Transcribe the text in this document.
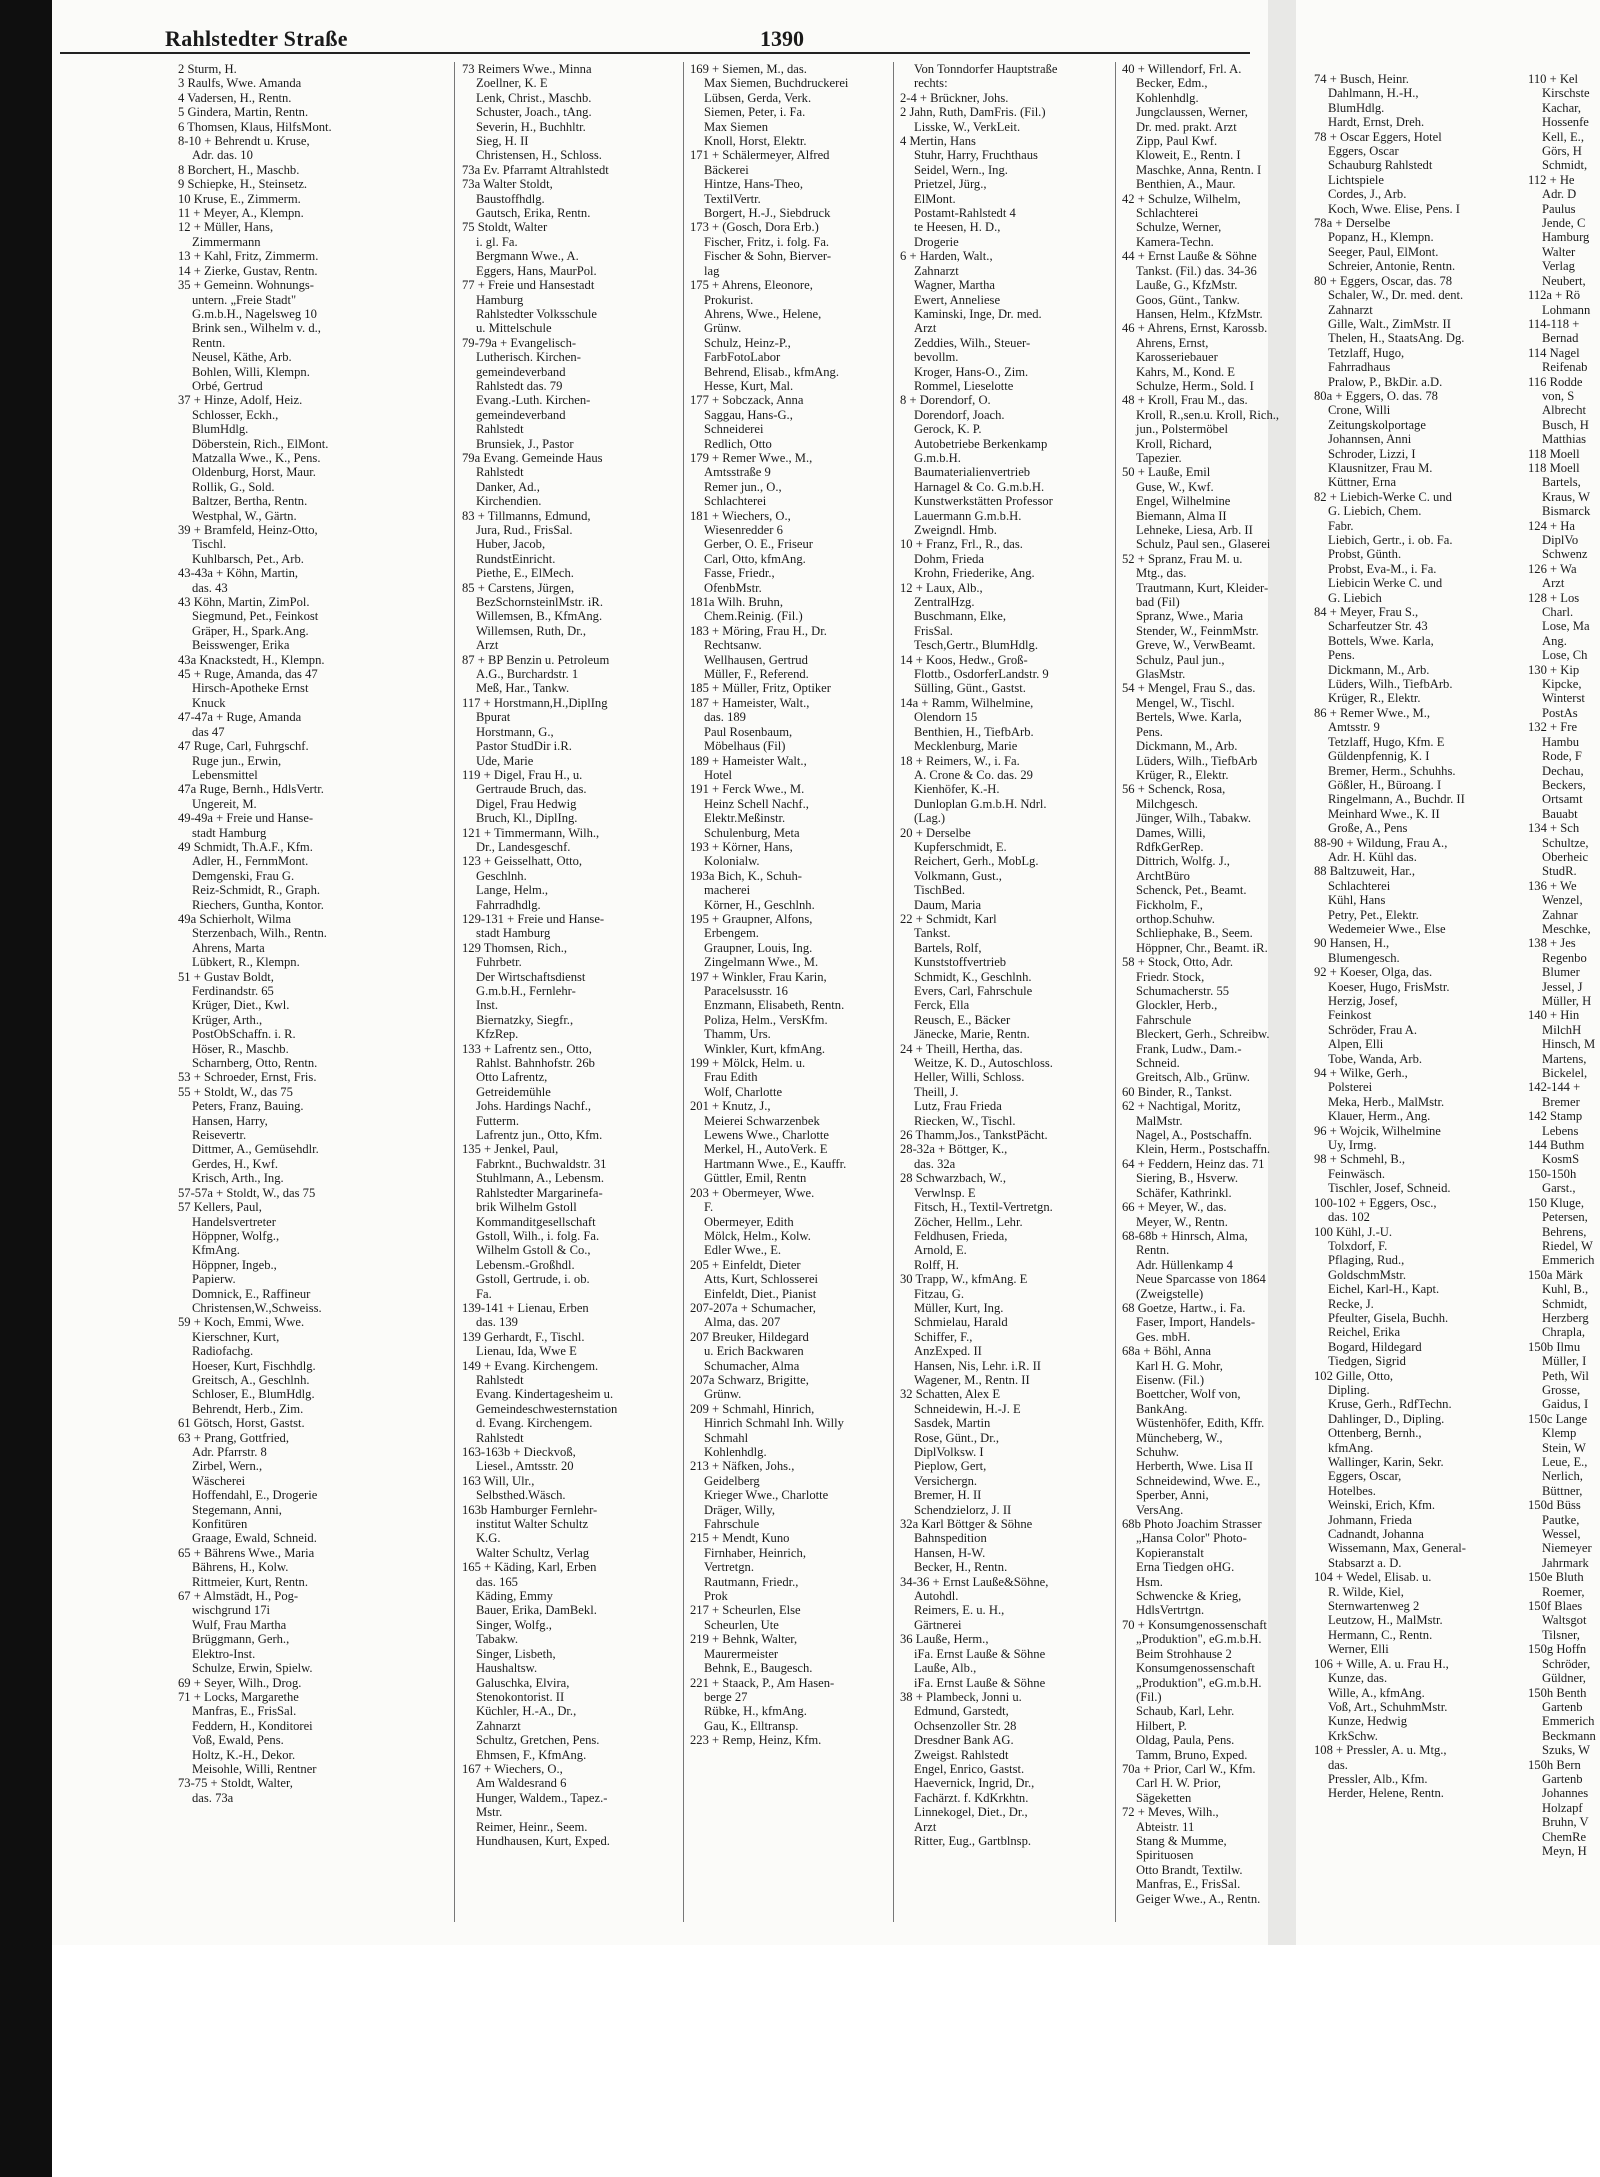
Rahlstedter Straße	1390
2 Sturm, H.
3 Raulfs, Wwe. Amanda
4 Vadersen, H., Rentn.
5 Gindera, Martin, Rentn.
6 Thomsen, Klaus, HilfsMont.
8-10 + Behrendt u. Kruse,
Adr. das. 10
8 Borchert, H., Maschb.
9 Schiepke, H., Steinsetz.
10 Kruse, E., Zimmerm.
11 + Meyer, A., Klempn.
12 + Müller, Hans,
Zimmermann
13 + Kahl, Fritz, Zimmerm.
14 + Zierke, Gustav, Rentn.
35 + Gemeinn. Wohnungs-
untern. „Freie Stadt"
G.m.b.H., Nagelsweg 10
Brink sen., Wilhelm v. d.,
Rentn.
Neusel, Käthe, Arb.
Bohlen, Willi, Klempn.
Orbé, Gertrud
37 + Hinze, Adolf, Heiz.
Schlosser, Eckh.,
BlumHdlg.
Döberstein, Rich., ElMont.
Matzalla Wwe., K., Pens.
Oldenburg, Horst, Maur.
Rollik, G., Sold.
Baltzer, Bertha, Rentn.
Westphal, W., Gärtn.
39 + Bramfeld, Heinz-Otto,
Tischl.
Kuhlbarsch, Pet., Arb.
43-43a + Köhn, Martin,
das. 43
43 Köhn, Martin, ZimPol.
Siegmund, Pet., Feinkost
Gräper, H., Spark.Ang.
Beisswenger, Erika
43a Knackstedt, H., Klempn.
45 + Ruge, Amanda, das 47
Hirsch-Apotheke Ernst
Knuck
47-47a + Ruge, Amanda
das 47
47 Ruge, Carl, Fuhrgschf.
Ruge jun., Erwin,
Lebensmittel
47a Ruge, Bernh., HdlsVertr.
Ungereit, M.
49-49a + Freie und Hanse-
stadt Hamburg
49 Schmidt, Th.A.F., Kfm.
Adler, H., FernmMont.
Demgenski, Frau G.
Reiz-Schmidt, R., Graph.
Riechers, Guntha, Kontor.
49a Schierholt, Wilma
Sterzenbach, Wilh., Rentn.
Ahrens, Marta
Lübkert, R., Klempn.
51 + Gustav Boldt,
Ferdinandstr. 65
Krüger, Diet., Kwl.
Krüger, Arth.,
PostObSchaffn. i. R.
Höser, R., Maschb.
Scharnberg, Otto, Rentn.
53 + Schroeder, Ernst, Fris.
55 + Stoldt, W., das 75
Peters, Franz, Bauing.
Hansen, Harry,
Reisevertr.
Dittmer, A., Gemüsehdlr.
Gerdes, H., Kwf.
Krisch, Arth., Ing.
57-57a + Stoldt, W., das 75
57 Kellers, Paul,
Handelsvertreter
Höppner, Wolfg.,
KfmAng.
Höppner, Ingeb.,
Papierw.
Domnick, E., Raffineur
Christensen,W.,Schweiss.
59 + Koch, Emmi, Wwe.
Kierschner, Kurt,
Radiofachg.
Hoeser, Kurt, Fischhdlg.
Greitsch, A., Geschlnh.
Schloser, E., BlumHdlg.
Behrendt, Herb., Zim.
61 Götsch, Horst, Gastst.
63 + Prang, Gottfried,
Adr. Pfarrstr. 8
Zirbel, Wern.,
Wäscherei
Hoffendahl, E., Drogerie
Stegemann, Anni,
Konfitüren
Graage, Ewald, Schneid.
65 + Bährens Wwe., Maria
Bährens, H., Kolw.
Rittmeier, Kurt, Rentn.
67 + Almstädt, H., Pog-
wischgrund 17i
Wulf, Frau Martha
Brüggmann, Gerh.,
Elektro-Inst.
Schulze, Erwin, Spielw.
69 + Seyer, Wilh., Drog.
71 + Locks, Margarethe
Manfras, E., FrisSal.
Feddern, H., Konditorei
Voß, Ewald, Pens.
Holtz, K.-H., Dekor.
Meisohle, Willi, Rentner
73-75 + Stoldt, Walter,
das. 73a
73 Reimers Wwe., Minna
Zoellner, K. E
Lenk, Christ., Maschb.
Schuster, Joach., tAng.
Severin, H., Buchhltr.
Sieg, H. II
Christensen, H., Schloss.
73a Ev. Pfarramt Altrahlstedt
73a Walter Stoldt,
Baustoffhdlg.
Gautsch, Erika, Rentn.
75 Stoldt, Walter
i. gl. Fa.
Bergmann Wwe., A.
Eggers, Hans, MaurPol.
77 + Freie und Hansestadt
Hamburg
Rahlstedter Volksschule
u. Mittelschule
79-79a + Evangelisch-
Lutherisch. Kirchen-
gemeindeverband
Rahlstedt das. 79
Evang.-Luth. Kirchen-
gemeindeverband
Rahlstedt
Brunsiek, J., Pastor
79a Evang. Gemeinde Haus
Rahlstedt
Danker, Ad.,
Kirchendien.
83 + Tillmanns, Edmund,
Jura, Rud., FrisSal.
Huber, Jacob,
RundstEinricht.
Piethe, E., ElMech.
85 + Carstens, Jürgen,
BezSchornsteinlMstr. iR.
Willemsen, B., KfmAng.
Willemsen, Ruth, Dr.,
Arzt
87 + BP Benzin u. Petroleum
A.G., Burchardstr. 1
Meß, Har., Tankw.
117 + Horstmann,H.,DiplIng
Bpurat
Horstmann, G.,
Pastor StudDir i.R.
Ude, Marie
119 + Digel, Frau H., u.
Gertraude Bruch, das.
Digel, Frau Hedwig
Bruch, Kl., DiplIng.
121 + Timmermann, Wilh.,
Dr., Landesgeschf.
123 + Geisselhatt, Otto,
Geschlnh.
Lange, Helm.,
Fahrradhdlg.
129-131 + Freie und Hanse-
stadt Hamburg
129 Thomsen, Rich.,
Fuhrbetr.
Der Wirtschaftsdienst
G.m.b.H., Fernlehr-
Inst.
Biernatzky, Siegfr.,
KfzRep.
133 + Lafrentz sen., Otto,
Rahlst. Bahnhofstr. 26b
Otto Lafrentz,
Getreidemühle
Johs. Hardings Nachf.,
Futterm.
Lafrentz jun., Otto, Kfm.
135 + Jenkel, Paul,
Fabrknt., Buchwaldstr. 31
Stuhlmann, A., Lebensm.
Rahlstedter Margarinefa-
brik Wilhelm Gstoll
Kommanditgesellschaft
Gstoll, Wilh., i. folg. Fa.
Wilhelm Gstoll & Co.,
Lebensm.-Großhdl.
Gstoll, Gertrude, i. ob.
Fa.
139-141 + Lienau, Erben
das. 139
139 Gerhardt, F., Tischl.
Lienau, Ida, Wwe E
149 + Evang. Kirchengem.
Rahlstedt
Evang. Kindertagesheim u.
Gemeindeschwesternstation
d. Evang. Kirchengem.
Rahlstedt
163-163b + Dieckvoß,
Liesel., Amtsstr. 20
163 Will, Ulr.,
Selbsthed.Wäsch.
163b Hamburger Fernlehr-
institut Walter Schultz
K.G.
Walter Schultz, Verlag
165 + Käding, Karl, Erben
das. 165
Käding, Emmy
Bauer, Erika, DamBekl.
Singer, Wolfg.,
Tabakw.
Singer, Lisbeth,
Haushaltsw.
Galuschka, Elvira,
Stenokontorist. II
Küchler, H.-A., Dr.,
Zahnarzt
Schultz, Gretchen, Pens.
Ehmsen, F., KfmAng.
167 + Wiechers, O.,
Am Waldesrand 6
Hunger, Waldem., Tapez.-
Mstr.
Reimer, Heinr., Seem.
Hundhausen, Kurt, Exped.
169 + Siemen, M., das.
Max Siemen, Buchdruckerei
Lübsen, Gerda, Verk.
Siemen, Peter, i. Fa.
Max Siemen
Knoll, Horst, Elektr.
171 + Schälermeyer, Alfred
Bäckerei
Hintze, Hans-Theo,
TextilVertr.
Borgert, H.-J., Siebdruck
173 + (Gosch, Dora Erb.)
Fischer, Fritz, i. folg. Fa.
Fischer & Sohn, Bierver-
lag
175 + Ahrens, Eleonore,
Prokurist.
Ahrens, Wwe., Helene,
Grünw.
Schulz, Heinz-P.,
FarbFotoLabor
Behrend, Elisab., kfmAng.
Hesse, Kurt, Mal.
177 + Sobczack, Anna
Saggau, Hans-G.,
Schneiderei
Redlich, Otto
179 + Remer Wwe., M.,
Amtsstraße 9
Remer jun., O.,
Schlachterei
181 + Wiechers, O.,
Wiesenredder 6
Gerber, O. E., Friseur
Carl, Otto, kfmAng.
Fasse, Friedr.,
OfenbMstr.
181a Wilh. Bruhn,
Chem.Reinig. (Fil.)
183 + Möring, Frau H., Dr.
Rechtsanw.
Wellhausen, Gertrud
Müller, F., Referend.
185 + Müller, Fritz, Optiker
187 + Hameister, Walt.,
das. 189
Paul Rosenbaum,
Möbelhaus (Fil)
189 + Hameister Walt.,
Hotel
191 + Ferck Wwe., M.
Heinz Schell Nachf.,
Elektr.Meßinstr.
Schulenburg, Meta
193 + Körner, Hans,
Kolonialw.
193a Bich, K., Schuh-
macherei
Körner, H., Geschlnh.
195 + Graupner, Alfons,
Erbengem.
Graupner, Louis, Ing.
Zingelmann Wwe., M.
197 + Winkler, Frau Karin,
Paracelsusstr. 16
Enzmann, Elisabeth, Rentn.
Poliza, Helm., VersKfm.
Thamm, Urs.
Winkler, Kurt, kfmAng.
199 + Mölck, Helm. u.
Frau Edith
Wolf, Charlotte
201 + Knutz, J.,
Meierei Schwarzenbek
Lewens Wwe., Charlotte
Merkel, H., AutoVerk. E
Hartmann Wwe., E., Kauffr.
Güttler, Emil, Rentn
203 + Obermeyer, Wwe.
F.
Obermeyer, Edith
Mölck, Helm., Kolw.
Edler Wwe., E.
205 + Einfeldt, Dieter
Atts, Kurt, Schlosserei
Einfeldt, Diet., Pianist
207-207a + Schumacher,
Alma, das. 207
207 Breuker, Hildegard
u. Erich Backwaren
Schumacher, Alma
207a Schwarz, Brigitte,
Grünw.
209 + Schmahl, Hinrich,
Hinrich Schmahl Inh. Willy
Schmahl
Kohlenhdlg.
213 + Näfken, Johs.,
Geidelberg
Krieger Wwe., Charlotte
Dräger, Willy,
Fahrschule
215 + Mendt, Kuno
Firnhaber, Heinrich,
Vertretgn.
Rautmann, Friedr.,
Prok
217 + Scheurlen, Else
Scheurlen, Ute
219 + Behnk, Walter,
Maurermeister
Behnk, E., Baugesch.
221 + Staack, P., Am Hasen-
berge 27
Rübke, H., kfmAng.
Gau, K., Elltransp.
223 + Remp, Heinz, Kfm.
Von Tonndorfer Hauptstraße
rechts:
2-4 + Brückner, Johs.
2 Jahn, Ruth, DamFris. (Fil.)
Lisske, W., VerkLeit.
4 Mertin, Hans
Stuhr, Harry, Fruchthaus
Seidel, Wern., Ing.
Prietzel, Jürg.,
ElMont.
Postamt-Rahlstedt 4
te Heesen, H. D.,
Drogerie
6 + Harden, Walt.,
Zahnarzt
Wagner, Martha
Ewert, Anneliese
Kaminski, Inge, Dr. med.
Arzt
Zeddies, Wilh., Steuer-
bevollm.
Kroger, Hans-O., Zim.
Rommel, Lieselotte
8 + Dorendorf, O.
Dorendorf, Joach.
Gerock, K. P.
Autobetriebe Berkenkamp
G.m.b.H.
Baumaterialienvertrieb
Harnagel & Co. G.m.b.H.
Kunstwerkstätten Professor
Lauermann G.m.b.H.
Zweigndl. Hmb.
10 + Franz, Frl., R., das.
Dohm, Frieda
Krohn, Friederike, Ang.
12 + Laux, Alb.,
ZentralHzg.
Buschmann, Elke,
FrisSal.
Tesch,Gertr., BlumHdlg.
14 + Koos, Hedw., Groß-
Flottb., OsdorferLandstr. 9
Sülling, Günt., Gastst.
14a + Ramm, Wilhelmine,
Olendorn 15
Benthien, H., TiefbArb.
Mecklenburg, Marie
18 + Reimers, W., i. Fa.
A. Crone & Co. das. 29
Kienhöfer, K.-H.
Dunloplan G.m.b.H. Ndrl.
(Lag.)
20 + Derselbe
Kupferschmidt, E.
Reichert, Gerh., MobLg.
Volkmann, Gust.,
TischBed.
Daum, Maria
22 + Schmidt, Karl
Tankst.
Bartels, Rolf,
Kunststoffvertrieb
Schmidt, K., Geschlnh.
Evers, Carl, Fahrschule
Ferck, Ella
Reusch, E., Bäcker
Jänecke, Marie, Rentn.
24 + Theill, Hertha, das.
Weitze, K. D., Autoschloss.
Heller, Willi, Schloss.
Theill, J.
Lutz, Frau Frieda
Riecken, W., Tischl.
26 Thamm,Jos., TankstPächt.
28-32a + Böttger, K.,
das. 32a
28 Schwarzbach, W.,
Verwlnsp. E
Fitsch, H., Textil-Vertretgn.
Zöcher, Hellm., Lehr.
Feldhusen, Frieda,
Arnold, E.
Rolff, H.
30 Trapp, W., kfmAng. E
Fitzau, G.
Müller, Kurt, Ing.
Schmielau, Harald
Schiffer, F.,
AnzExped. II
Hansen, Nis, Lehr. i.R. II
Wagener, M., Rentn. II
32 Schatten, Alex E
Schneidewin, H.-J. E
Sasdek, Martin
Rose, Günt., Dr.,
DiplVolksw. I
Pieplow, Gert,
Versichergn.
Bremer, H. II
Schendzielorz, J. II
32a Karl Böttger & Söhne
Bahnspedition
Hansen, H-W.
Becker, H., Rentn.
34-36 + Ernst Lauße&Söhne,
Autohdl.
Reimers, E. u. H.,
Gärtnerei
36 Lauße, Herm.,
iFa. Ernst Lauße & Söhne
Lauße, Alb.,
iFa. Ernst Lauße & Söhne
38 + Plambeck, Jonni u.
Edmund, Garstedt,
Ochsenzoller Str. 28
Dresdner Bank AG.
Zweigst. Rahlstedt
Engel, Enrico, Gastst.
Haevernick, Ingrid, Dr.,
Fachärzt. f. KdKrkhtn.
Linnekogel, Diet., Dr.,
Arzt
Ritter, Eug., Gartblnsp.
40 + Willendorf, Frl. A.
Becker, Edm.,
Kohlenhdlg.
Jungclaussen, Werner,
Dr. med. prakt. Arzt
Zipp, Paul Kwf.
Kloweit, E., Rentn. I
Maschke, Anna, Rentn. I
Benthien, A., Maur.
42 + Schulze, Wilhelm,
Schlachterei
Schulze, Werner,
Kamera-Techn.
44 + Ernst Lauße & Söhne
Tankst. (Fil.) das. 34-36
Lauße, G., KfzMstr.
Goos, Günt., Tankw.
Hansen, Helm., KfzMstr.
46 + Ahrens, Ernst, Karossb.
Ahrens, Ernst,
Karosseriebauer
Kahrs, M., Kond. E
Schulze, Herm., Sold. I
48 + Kroll, Frau M., das.
Kroll, R.,sen.u. Kroll, Rich.,
jun., Polstermöbel
Kroll, Richard,
Tapezier.
50 + Lauße, Emil
Guse, W., Kwf.
Engel, Wilhelmine
Biemann, Alma II
Lehneke, Liesa, Arb. II
Schulz, Paul sen., Glaserei
52 + Spranz, Frau M. u.
Mtg., das.
Trautmann, Kurt, Kleider-
bad (Fil)
Spranz, Wwe., Maria
Stender, W., FeinmMstr.
Greve, W., VerwBeamt.
Schulz, Paul jun.,
GlasMstr.
54 + Mengel, Frau S., das.
Mengel, W., Tischl.
Bertels, Wwe. Karla,
Pens.
Dickmann, M., Arb.
Lüders, Wilh., TiefbArb
Krüger, R., Elektr.
56 + Schenck, Rosa,
Milchgesch.
Jünger, Wilh., Tabakw.
Dames, Willi,
RdfkGerRep.
Dittrich, Wolfg. J.,
ArchtBüro
Schenck, Pet., Beamt.
Fickholm, F.,
orthop.Schuhw.
Schliephake, B., Seem.
Höppner, Chr., Beamt. iR.
58 + Stock, Otto, Adr.
Friedr. Stock,
Schumacherstr. 55
Glockler, Herb.,
Fahrschule
Bleckert, Gerh., Schreibw.
Frank, Ludw., Dam.-
Schneid.
Greitsch, Alb., Grünw.
60 Binder, R., Tankst.
62 + Nachtigal, Moritz,
MalMstr.
Nagel, A., Postschaffn.
Klein, Herm., Postschaffn.
64 + Feddern, Heinz das. 71
Siering, B., Hsverw.
Schäfer, Kathrinkl.
66 + Meyer, W., das.
Meyer, W., Rentn.
68-68b + Hinrsch, Alma,
Rentn.
Adr. Hüllenkamp 4
Neue Sparcasse von 1864
(Zweigstelle)
68 Goetze, Hartw., i. Fa.
Faser, Import, Handels-
Ges. mbH.
68a + Böhl, Anna
Karl H. G. Mohr,
Eisenw. (Fil.)
Boettcher, Wolf von,
BankAng.
Wüstenhöfer, Edith, Kffr.
Müncheberg, W.,
Schuhw.
Herberth, Wwe. Lisa II
Schneidewind, Wwe. E.,
Sperber, Anni,
VersAng.
68b Photo Joachim Strasser
„Hansa Color" Photo-
Kopieranstalt
Erna Tiedgen oHG.
Hsm.
Schwencke & Krieg,
HdlsVertrtgn.
70 + Konsumgenossenschaft
„Produktion", eG.m.b.H.
Beim Strohhause 2
Konsumgenossenschaft
„Produktion", eG.m.b.H.
(Fil.)
Schaub, Karl, Lehr.
Hilbert, P.
Oldag, Paula, Pens.
Tamm, Bruno, Exped.
70a + Prior, Carl W., Kfm.
Carl H. W. Prior,
Sägeketten
72 + Meves, Wilh.,
Abteistr. 11
Stang & Mumme,
Spirituosen
Otto Brandt, Textilw.
Manfras, E., FrisSal.
Geiger Wwe., A., Rentn.
74 + Busch, Heinr.
Dahlmann, H.-H.,
BlumHdlg.
Hardt, Ernst, Dreh.
78 + Oscar Eggers, Hotel
Eggers, Oscar
Schauburg Rahlstedt
Lichtspiele
Cordes, J., Arb.
Koch, Wwe. Elise, Pens. I
78a + Derselbe
Popanz, H., Klempn.
Seeger, Paul, ElMont.
Schreier, Antonie, Rentn.
80 + Eggers, Oscar, das. 78
Schaler, W., Dr. med. dent.
Zahnarzt
Gille, Walt., ZimMstr. II
Thelen, H., StaatsAng. Dg.
Tetzlaff, Hugo,
Fahrradhaus
Pralow, P., BkDir. a.D.
80a + Eggers, O. das. 78
Crone, Willi
Zeitungskolportage
Johannsen, Anni
Schroder, Lizzi, I
Klausnitzer, Frau M.
Küttner, Erna
82 + Liebich-Werke C. und
G. Liebich, Chem.
Fabr.
Liebich, Gertr., i. ob. Fa.
Probst, Günth.
Probst, Eva-M., i. Fa.
Liebicin Werke C. und
G. Liebich
84 + Meyer, Frau S.,
Scharfeutzer Str. 43
Bottels, Wwe. Karla,
Pens.
Dickmann, M., Arb.
Lüders, Wilh., TiefbArb.
Krüger, R., Elektr.
86 + Remer Wwe., M.,
Amtsstr. 9
Tetzlaff, Hugo, Kfm. E
Güldenpfennig, K. I
Bremer, Herm., Schuhhs.
Gößler, H., Büroang. I
Ringelmann, A., Buchdr. II
Meinhard Wwe., K. II
Große, A., Pens
88-90 + Wildung, Frau A.,
Adr. H. Kühl das.
88 Baltzuweit, Har.,
Schlachterei
Kühl, Hans
Petry, Pet., Elektr.
Wedemeier Wwe., Else
90 Hansen, H.,
Blumengesch.
92 + Koeser, Olga, das.
Koeser, Hugo, FrisMstr.
Herzig, Josef,
Feinkost
Schröder, Frau A.
Alpen, Elli
Tobe, Wanda, Arb.
94 + Wilke, Gerh.,
Polsterei
Meka, Herb., MalMstr.
Klauer, Herm., Ang.
96 + Wojcik, Wilhelmine
Uy, Irmg.
98 + Schmehl, B.,
Feinwäsch.
Tischler, Josef, Schneid.
100-102 + Eggers, Osc.,
das. 102
100 Kühl, J.-U.
Tolxdorf, F.
Pflaging, Rud.,
GoldschmMstr.
Eichel, Karl-H., Kapt.
Recke, J.
Pfeulter, Gisela, Buchh.
Reichel, Erika
Bogard, Hildegard
Tiedgen, Sigrid
102 Gille, Otto,
Dipling.
Kruse, Gerh., RdfTechn.
Dahlinger, D., Dipling.
Ottenberg, Bernh.,
kfmAng.
Wallinger, Karin, Sekr.
Eggers, Oscar,
Hotelbes.
Weinski, Erich, Kfm.
Johmann, Frieda
Cadnandt, Johanna
Wissemann, Max, General-
Stabsarzt a. D.
104 + Wedel, Elisab. u.
R. Wilde, Kiel,
Sternwartenweg 2
Leutzow, H., MalMstr.
Hermann, C., Rentn.
Werner, Elli
106 + Wille, A. u. Frau H.,
Kunze, das.
Wille, A., kfmAng.
Voß, Art., SchuhmMstr.
Kunze, Hedwig
KrkSchw.
108 + Pressler, A. u. Mtg.,
das.
Pressler, Alb., Kfm.
Herder, Helene, Rentn.
110 + Kel
Kirschste
Kachar,
Hossenfe
Kell, E.,
Görs, H
Schmidt,
112 + He
Adr. D
Paulus
Jende, C
Hamburg
Walter
Verlag
Neubert,
112a + Rö
Lohmann
114-118 +
Bernad
114 Nagel
Reifenab
116 Rodde
von, S
Albrecht
Busch, H
Matthias
118 Moell
118 Moell
Bartels,
Kraus, W
Bismarck
124 + Ha
DiplVo
Schwenz
126 + Wa
Arzt
128 + Los
Charl.
Lose, Ma
Ang.
Lose, Ch
130 + Kip
Kipcke,
Winterst
PostAs
132 + Fre
Hambu
Rode, F
Dechau,
Beckers,
Ortsamt
Bauabt
134 + Sch
Schultze,
Oberheic
StudR.
136 + We
Wenzel,
Zahnar
Meschke,
138 + Jes
Regenbo
Blumer
Jessel, J
Müller, H
140 + Hin
MilchH
Hinsch, M
Martens,
Bickelel,
142-144 +
Bremer
142 Stamp
Lebens
144 Buthm
KosmS
150-150h
Garst.,
150 Kluge,
Petersen,
Behrens,
Riedel, W
Emmerich
150a Märk
Kuhl, B.,
Schmidt,
Herzberg
Chrapla,
150b Ilmu
Müller, I
Peth, Wil
Grosse,
Gaidus, I
150c Lange
Klemp
Stein, W
Leue, E.,
Nerlich,
Büttner,
150d Büss
Pautke,
Wessel,
Niemeyer
Jahrmark
150e Bluth
Roemer,
150f Blaes
Waltsgot
Tilsner,
150g Hoffn
Schröder,
Güldner,
150h Benth
Gartenb
Emmerich
Beckmann
Szuks, W
150h Bern
Gartenb
Johannes
Holzapf
Bruhn, V
ChemRe
Meyn, H
